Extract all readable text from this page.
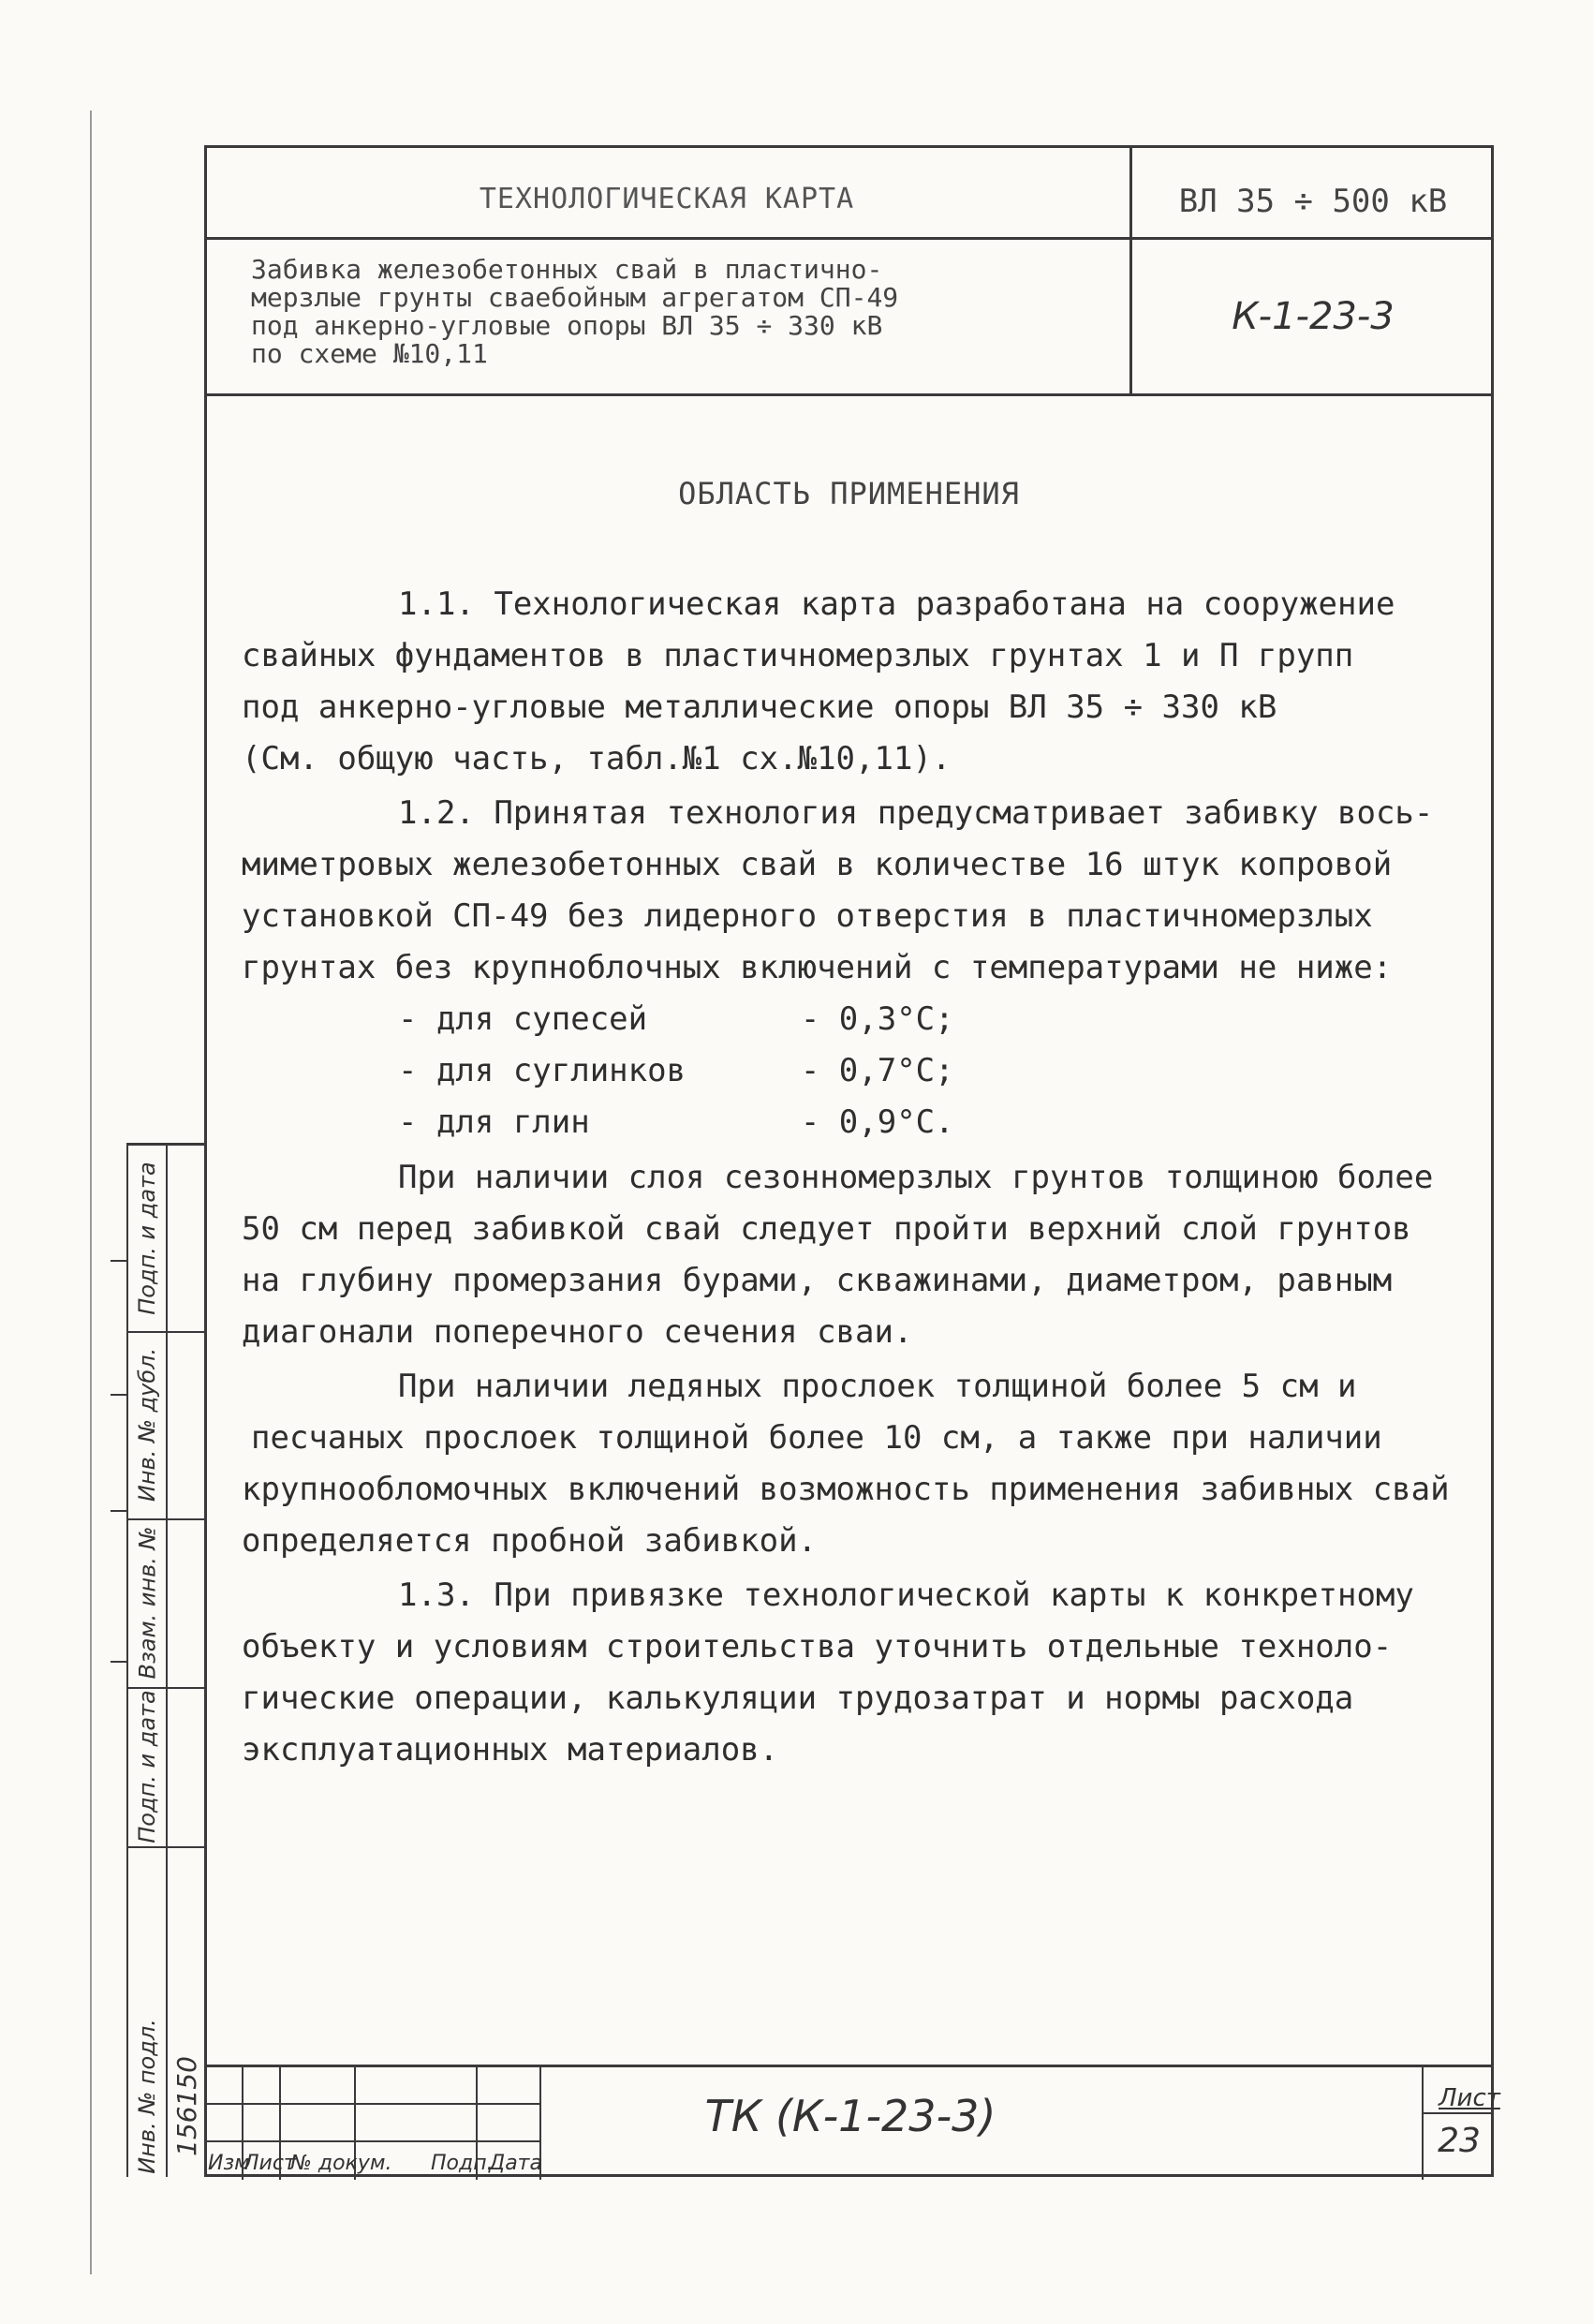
ТЕХНОЛОГИЧЕСКАЯ КАРТА	ВЛ 35 ÷ 500 кВ
Забивка железобетонных свай в пластично-
мерзлые грунты сваебойным агрегатом СП-49
под анкерно-угловые опоры ВЛ 35 ÷ 330 кВ
по схеме №10,11
К-1-23-3
ОБЛАСТЬ ПРИМЕНЕНИЯ
1.1. Технологическая карта разработана на сооружение
свайных фундаментов в пластичномерзлых грунтах 1 и П групп
под анкерно-угловые металлические опоры ВЛ 35 ÷ 330 кВ
(См. общую часть, табл.№1 сх.№10,11).
1.2. Принятая технология предусматривает забивку вось-
миметровых железобетонных свай в количестве 16 штук копровой
установкой СП-49 без лидерного отверстия в пластичномерзлых
грунтах без крупноблочных включений с температурами не ниже:
- для супесей        - 0,3°С;
- для суглинков      - 0,7°С;
- для глин           - 0,9°С.
При наличии слоя сезонномерзлых грунтов толщиною более
50 см перед забивкой свай следует пройти верхний слой грунтов
на глубину промерзания бурами, скважинами, диаметром, равным
диагонали поперечного сечения сваи.
При наличии ледяных прослоек толщиной более 5 см и
песчаных прослоек толщиной более 10 см, а также при наличии
крупнообломочных включений возможность применения забивных свай
определяется пробной забивкой.
1.3. При привязке технологической карты к конкретному
объекту и условиям строительства уточнить отдельные техноло-
гические операции, калькуляции трудозатрат и нормы расхода
эксплуатационных материалов.
Подп. и дата
Инв. № дубл.
Взам. инв. №
Подп. и дата
Инв. № подл. 156150
Изм
Лист
№ докум. Подп.
Дата
ТК (К-1-23-3)	Лист
23
